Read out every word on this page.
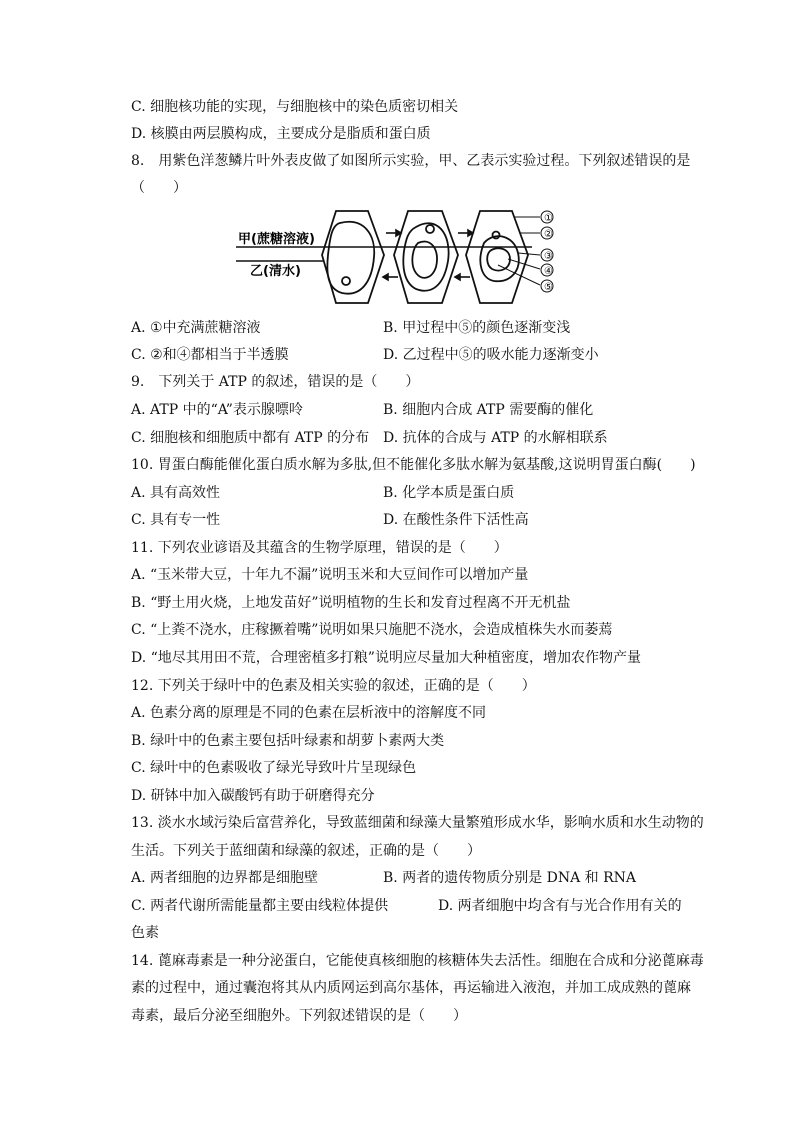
C. 细胞核功能的实现，与细胞核中的染色质密切相关
D. 核膜由两层膜构成，主要成分是脂质和蛋白质
8.　用紫色洋葱鳞片叶外表皮做了如图所示实验，甲、乙表示实验过程。下列叙述错误的是
（　　）
①
②
③
④
⑤
甲(蔗糖溶液)
乙(清水)
A. ①中充满蔗糖溶液	B. 甲过程中⑤的颜色逐渐变浅
C. ②和④都相当于半透膜	D. 乙过程中⑤的吸水能力逐渐变小
9.　下列关于 ATP 的叙述，错误的是（　　）
A. ATP 中的“A”表示腺嘌呤	B. 细胞内合成 ATP 需要酶的催化
C. 细胞核和细胞质中都有 ATP 的分布 D. 抗体的合成与 ATP 的水解相联系
10. 胃蛋白酶能催化蛋白质水解为多肽,但不能催化多肽水解为氨基酸,这说明胃蛋白酶(　　)
A. 具有高效性	B. 化学本质是蛋白质
C. 具有专一性	D. 在酸性条件下活性高
11. 下列农业谚语及其蕴含的生物学原理，错误的是（　　）
A. “玉米带大豆，十年九不漏”说明玉米和大豆间作可以增加产量
B. “野土用火烧，上地发苗好”说明植物的生长和发育过程离不开无机盐
C. “上粪不浇水，庄稼撅着嘴”说明如果只施肥不浇水，会造成植株失水而萎蔫
D. “地尽其用田不荒，合理密植多打粮”说明应尽量加大种植密度，增加农作物产量
12. 下列关于绿叶中的色素及相关实验的叙述，正确的是（　　）
A. 色素分离的原理是不同的色素在层析液中的溶解度不同
B. 绿叶中的色素主要包括叶绿素和胡萝卜素两大类
C. 绿叶中的色素吸收了绿光导致叶片呈现绿色
D. 研钵中加入碳酸钙有助于研磨得充分
13. 淡水水域污染后富营养化，导致蓝细菌和绿藻大量繁殖形成水华，影响水质和水生动物的
生活。下列关于蓝细菌和绿藻的叙述，正确的是（　　）
A. 两者细胞的边界都是细胞壁	B. 两者的遗传物质分别是 DNA 和 RNA
C. 两者代谢所需能量都主要由线粒体提供	D. 两者细胞中均含有与光合作用有关的
色素
14. 蓖麻毒素是一种分泌蛋白，它能使真核细胞的核糖体失去活性。细胞在合成和分泌蓖麻毒
素的过程中，通过囊泡将其从内质网运到高尔基体，再运输进入液泡，并加工成成熟的蓖麻
毒素，最后分泌至细胞外。下列叙述错误的是（　　）
